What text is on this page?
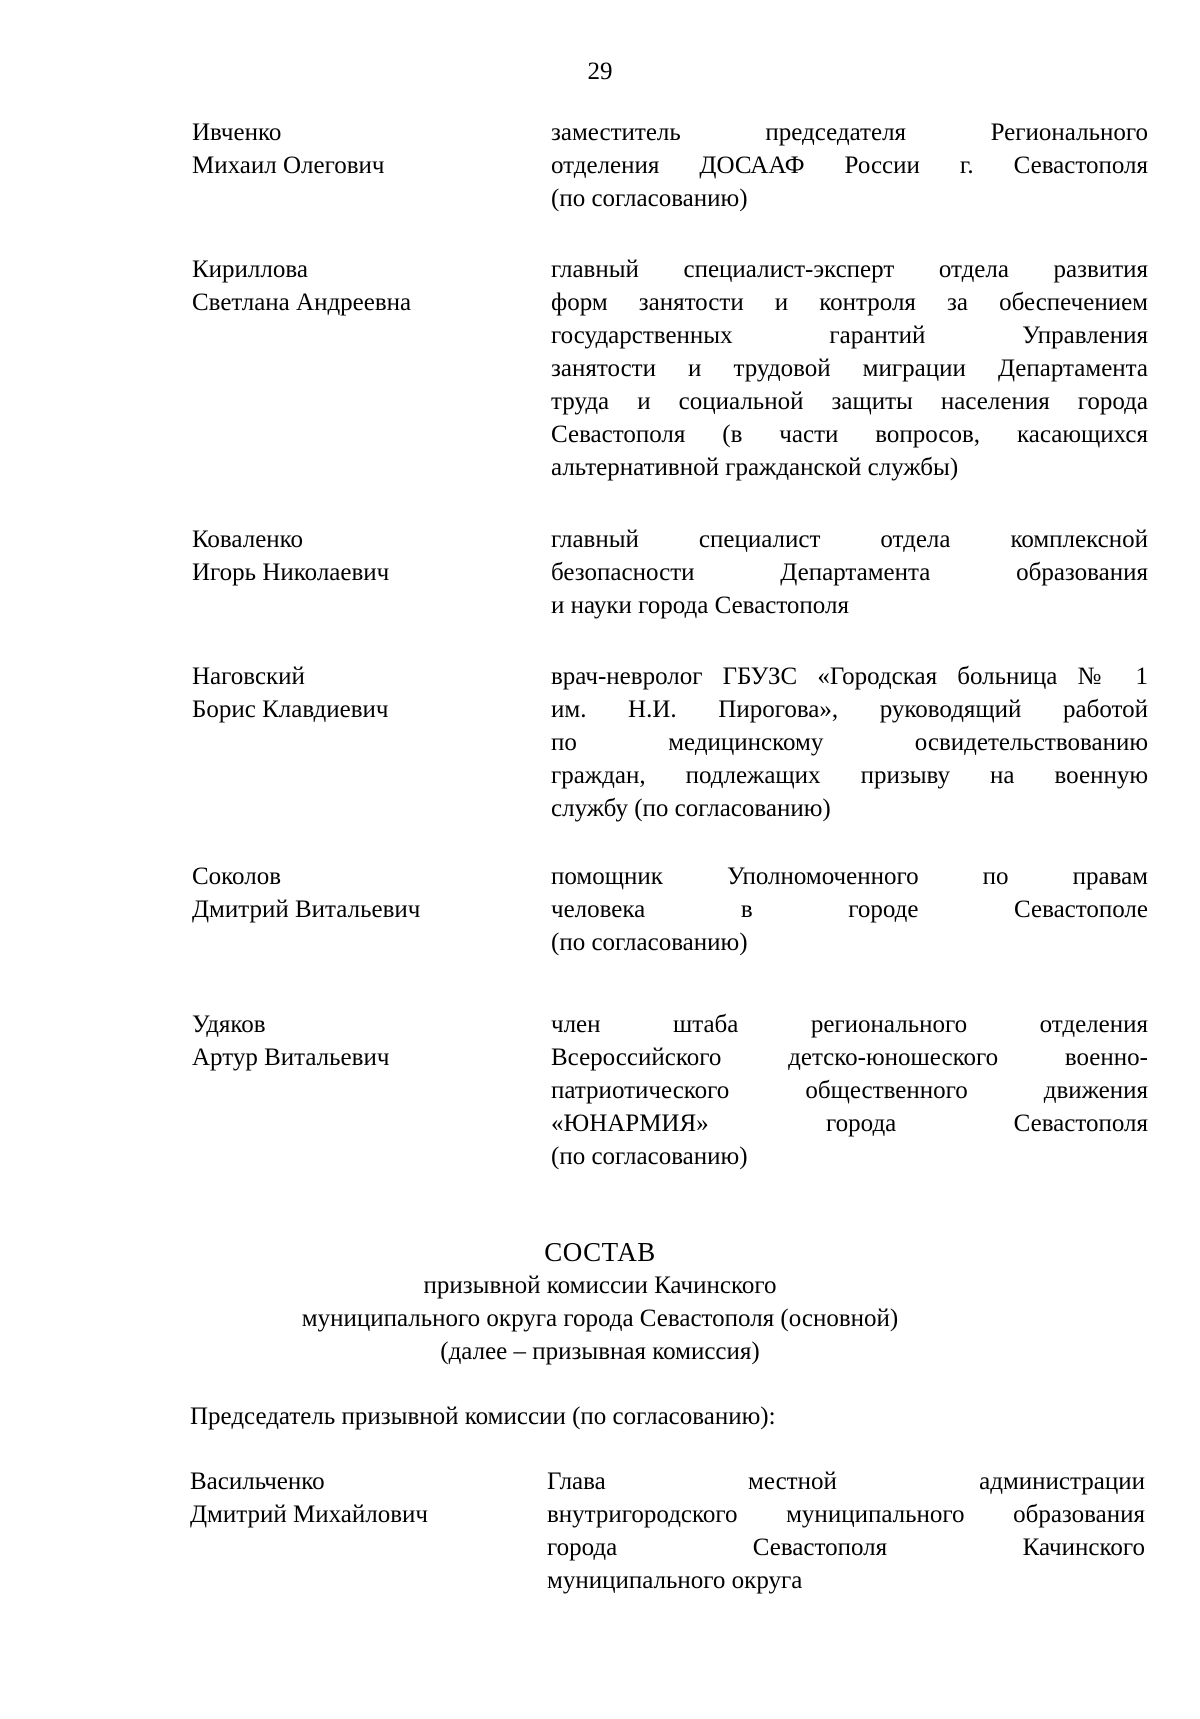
29
Ивченко
Михаил Олегович
заместитель председателя Регионального
отделения ДОСААФ России г. Севастополя
(по согласованию)
Кириллова
Светлана Андреевна
главный специалист-эксперт отдела развития
форм занятости и контроля за обеспечением
государственных гарантий Управления
занятости и трудовой миграции Департамента
труда и социальной защиты населения города
Севастополя (в части вопросов, касающихся
альтернативной гражданской службы)
Коваленко
Игорь Николаевич
главный специалист отдела комплексной
безопасности Департамента образования
и науки города Севастополя
Наговский
Борис Клавдиевич
врач-невролог ГБУЗС «Городская больница № 1
им. Н.И. Пирогова», руководящий работой
по медицинскому освидетельствованию
граждан, подлежащих призыву на военную
службу (по согласованию)
Соколов
Дмитрий Витальевич
помощник Уполномоченного по правам
человека в городе Севастополе
(по согласованию)
Удяков
Артур Витальевич
член штаба регионального отделения
Всероссийского детско-юношеского военно-
патриотического общественного движения
«ЮНАРМИЯ» города Севастополя
(по согласованию)
СОСТАВ
призывной комиссии Качинского
муниципального округа города Севастополя (основной)
(далее – призывная комиссия)
Председатель призывной комиссии (по согласованию):
Васильченко
Дмитрий Михайлович
Глава местной администрации
внутригородского муниципального образования
города Севастополя Качинского
муниципального округа
